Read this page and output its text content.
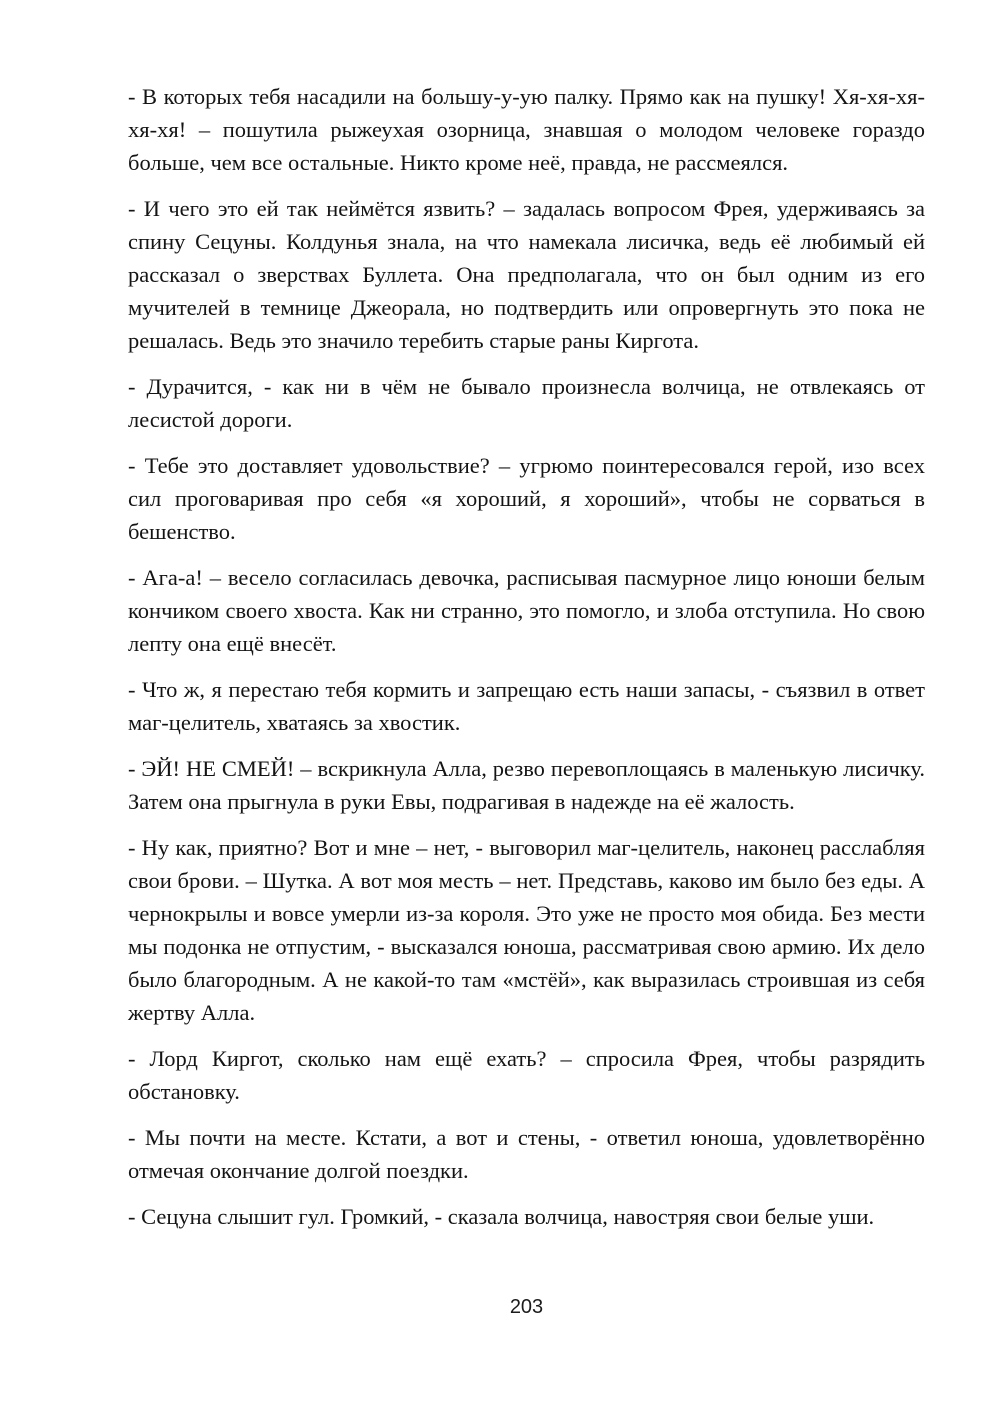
- В которых тебя насадили на большу-у-ую палку. Прямо как на пушку! Хя-хя-хя-хя-хя! – пошутила рыжеухая озорница, знавшая о молодом человеке гораздо больше, чем все остальные. Никто кроме неё, правда, не рассмеялся.

- И чего это ей так неймётся язвить? – задалась вопросом Фрея, удерживаясь за спину Сецуны. Колдунья знала, на что намекала лисичка, ведь её любимый ей рассказал о зверствах Буллета. Она предполагала, что он был одним из его мучителей в темнице Джеорала, но подтвердить или опровергнуть это пока не решалась. Ведь это значило теребить старые раны Киргота.

- Дурачится, - как ни в чём не бывало произнесла волчица, не отвлекаясь от лесистой дороги.

- Тебе это доставляет удовольствие? – угрюмо поинтересовался герой, изо всех сил проговаривая про себя «я хороший, я хороший», чтобы не сорваться в бешенство.

- Ага-а! – весело согласилась девочка, расписывая пасмурное лицо юноши белым кончиком своего хвоста. Как ни странно, это помогло, и злоба отступила. Но свою лепту она ещё внесёт.

- Что ж, я перестаю тебя кормить и запрещаю есть наши запасы, - съязвил в ответ маг-целитель, хватаясь за хвостик.

- ЭЙ! НЕ СМЕЙ! – вскрикнула Алла, резво перевоплощаясь в маленькую лисичку. Затем она прыгнула в руки Евы, подрагивая в надежде на её жалость.

- Ну как, приятно? Вот и мне – нет, - выговорил маг-целитель, наконец расслабляя свои брови. – Шутка. А вот моя месть – нет. Представь, каково им было без еды. А чернокрылы и вовсе умерли из-за короля. Это уже не просто моя обида. Без мести мы подонка не отпустим, - высказался юноша, рассматривая свою армию. Их дело было благородным. А не какой-то там «мстёй», как выразилась строившая из себя жертву Алла.

- Лорд Киргот, сколько нам ещё ехать? – спросила Фрея, чтобы разрядить обстановку.

- Мы почти на месте. Кстати, а вот и стены, - ответил юноша, удовлетворённо отмечая окончание долгой поездки.

- Сецуна слышит гул. Громкий, - сказала волчица, навостряя свои белые уши.

203
